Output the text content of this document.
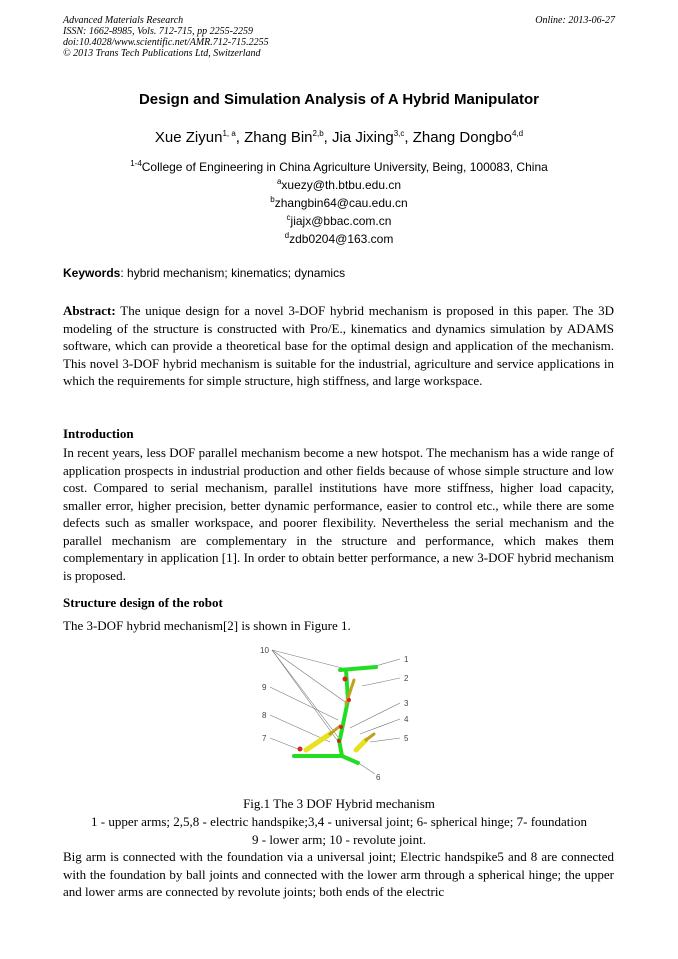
Advanced Materials Research
ISSN: 1662-8985, Vols. 712-715, pp 2255-2259
doi:10.4028/www.scientific.net/AMR.712-715.2255
© 2013 Trans Tech Publications Ltd, Switzerland
Online: 2013-06-27
Design and Simulation Analysis of A Hybrid Manipulator
Xue Ziyun$^{1, a}$, Zhang Bin$^{2,b}$, Jia Jixing$^{3,c}$, Zhang Dongbo$^{4,d}$
$^{1-4}$College of Engineering in China Agriculture University, Being, 100083, China
$^a$xuezy@th.btbu.edu.cn
$^b$zhangbin64@cau.edu.cn
$^c$jiajx@bbac.com.cn
$^d$zdb0204@163.com
Keywords: hybrid mechanism; kinematics; dynamics
Abstract: The unique design for a novel 3-DOF hybrid mechanism is proposed in this paper. The 3D modeling of the structure is constructed with Pro/E., kinematics and dynamics simulation by ADAMS software, which can provide a theoretical base for the optimal design and application of the mechanism. This novel 3-DOF hybrid mechanism is suitable for the industrial, agriculture and service applications in which the requirements for simple structure, high stiffness, and large workspace.
Introduction
In recent years, less DOF parallel mechanism become a new hotspot. The mechanism has a wide range of application prospects in industrial production and other fields because of whose simple structure and low cost. Compared to serial mechanism, parallel institutions have more stiffness, higher load capacity, smaller error, higher precision, better dynamic performance, easier to control etc., while there are some defects such as smaller workspace, and poorer flexibility. Nevertheless the serial mechanism and the parallel mechanism are complementary in the structure and performance, which makes them complementary in application [1]. In order to obtain better performance, a new 3-DOF hybrid mechanism is proposed.
Structure design of the robot
The 3-DOF hybrid mechanism[2] is shown in Figure 1.
10
9
8
7
1
2
3
4
5
6
Fig.1 The 3 DOF Hybrid mechanism
1 - upper arms; 2,5,8 - electric handspike;3,4 - universal joint; 6- spherical hinge; 7- foundation
9 - lower arm; 10 - revolute joint.
Big arm is connected with the foundation via a universal joint; Electric handspike5 and 8 are connected with the foundation by ball joints and connected with the lower arm through a spherical hinge; the upper and lower arms are connected by revolute joints; both ends of the electric
